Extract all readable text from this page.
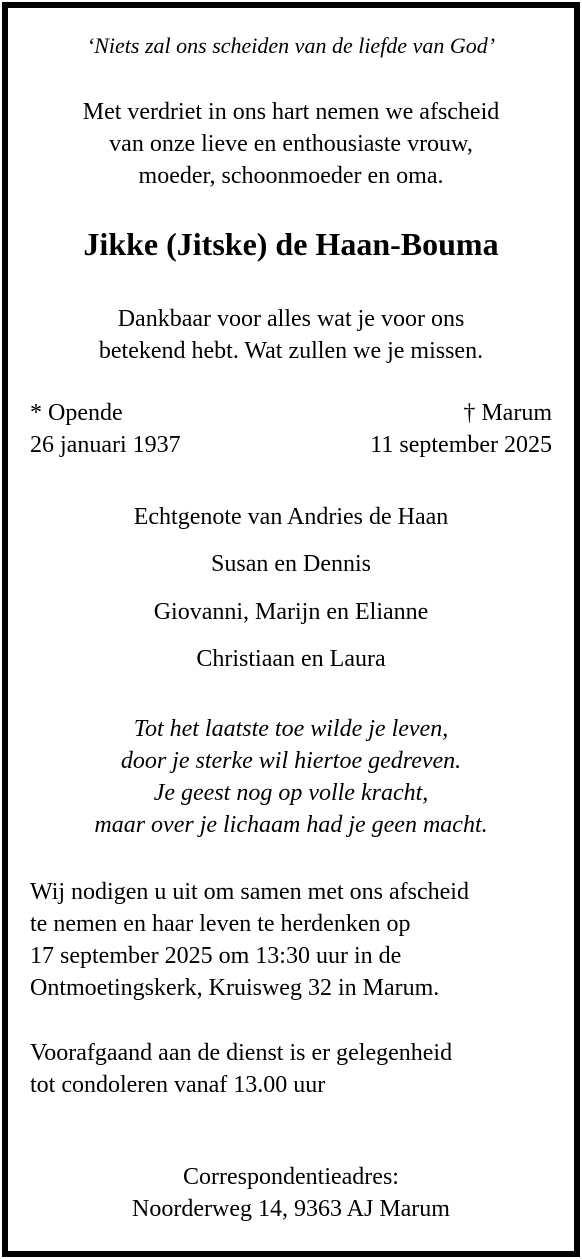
‘Niets zal ons scheiden van de liefde van God’
Met verdriet in ons hart nemen we afscheid
van onze lieve en enthousiaste vrouw,
moeder, schoonmoeder en oma.
Jikke (Jitske) de Haan-Bouma
Dankbaar voor alles wat je voor ons
betekend hebt. Wat zullen we je missen.
* Opende
26 januari 1937
† Marum
11 september 2025
Echtgenote van Andries de Haan
Susan en Dennis
Giovanni, Marijn en Elianne
Christiaan en Laura
Tot het laatste toe wilde je leven,
door je sterke wil hiertoe gedreven.
Je geest nog op volle kracht,
maar over je lichaam had je geen macht.
Wij nodigen u uit om samen met ons afscheid
te nemen en haar leven te herdenken op
17 september 2025 om 13:30 uur in de
Ontmoetingskerk, Kruisweg 32 in Marum.
Voorafgaand aan de dienst is er gelegenheid
tot condoleren vanaf 13.00 uur
Correspondentieadres:
Noorderweg 14, 9363 AJ Marum
